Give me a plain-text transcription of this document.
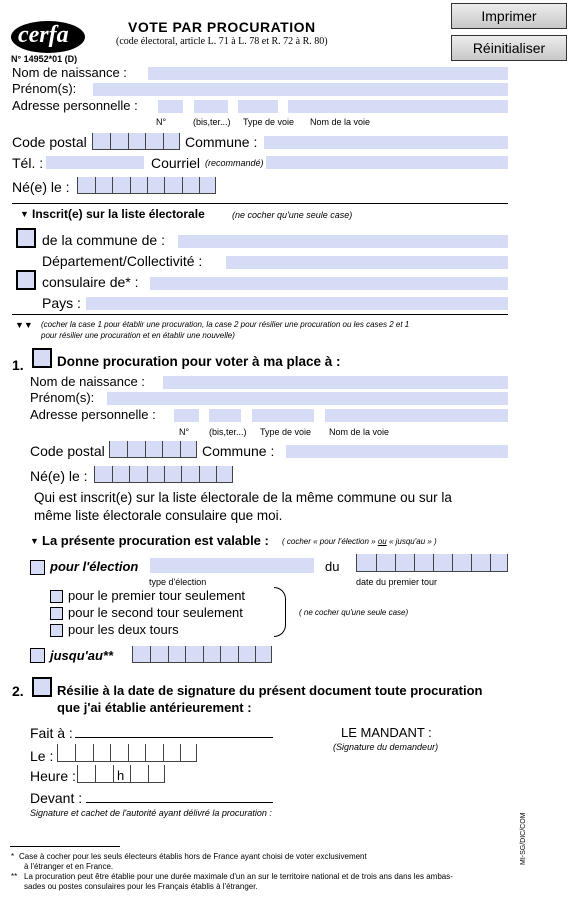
cerfa
N° 14952*01 (D)
VOTE PAR PROCURATION
(code électoral, article L. 71 à L. 78 et R. 72 à R. 80)
Imprimer
Réinitialiser
Nom de naissance :
Prénom(s):
Adresse personnelle :
N°	(bis,ter...) Type de voie Nom de la voie
Code postal	Commune :
Tél. :	Courriel (recommandé)
Né(e) le :
▼ Inscrit(e) sur la liste électorale	(ne cocher qu'une seule case)
de la commune de :
Département/Collectivité :
consulaire de* :
Pays :
▼▼ (cocher la case 1 pour établir une procuration, la case 2 pour résilier une procuration ou les cases 2 et 1
pour résilier une procuration et en établir une nouvelle)
1. Donne procuration pour voter à ma place à :
Nom de naissance :
Prénom(s):
Adresse personnelle :
N° (bis,ter...) Type de voie Nom de la voie
Code postal	Commune :
Né(e) le :
Qui est inscrit(e) sur la liste électorale de la même commune ou sur la
même liste électorale consulaire que moi.
▼ La présente procuration est valable : ( cocher « pour l'élection » ou « jusqu'au » )
pour l'élection
type d'élection
du
date du premier tour
pour le premier tour seulement
pour le second tour seulement
pour les deux tours
( ne cocher qu'une seule case)
jusqu'au**
2.	Résilie à la date de signature du présent document toute procuration
que j'ai établie antérieurement :
Fait à :	LE MANDANT :
(Signature du demandeur)
Le :
Heure :	h
Devant :
Signature et cachet de l'autorité ayant délivré la procuration :
* Case à cocher pour les seuls électeurs établis hors de France ayant choisi de voter exclusivement
à l'étranger et en France.
** La procuration peut être établie pour une durée maximale d'un an sur le territoire national et de trois ans dans les ambas-
sades ou postes consulaires pour les Français établis à l'étranger.
MI-SG/DIC/COM
